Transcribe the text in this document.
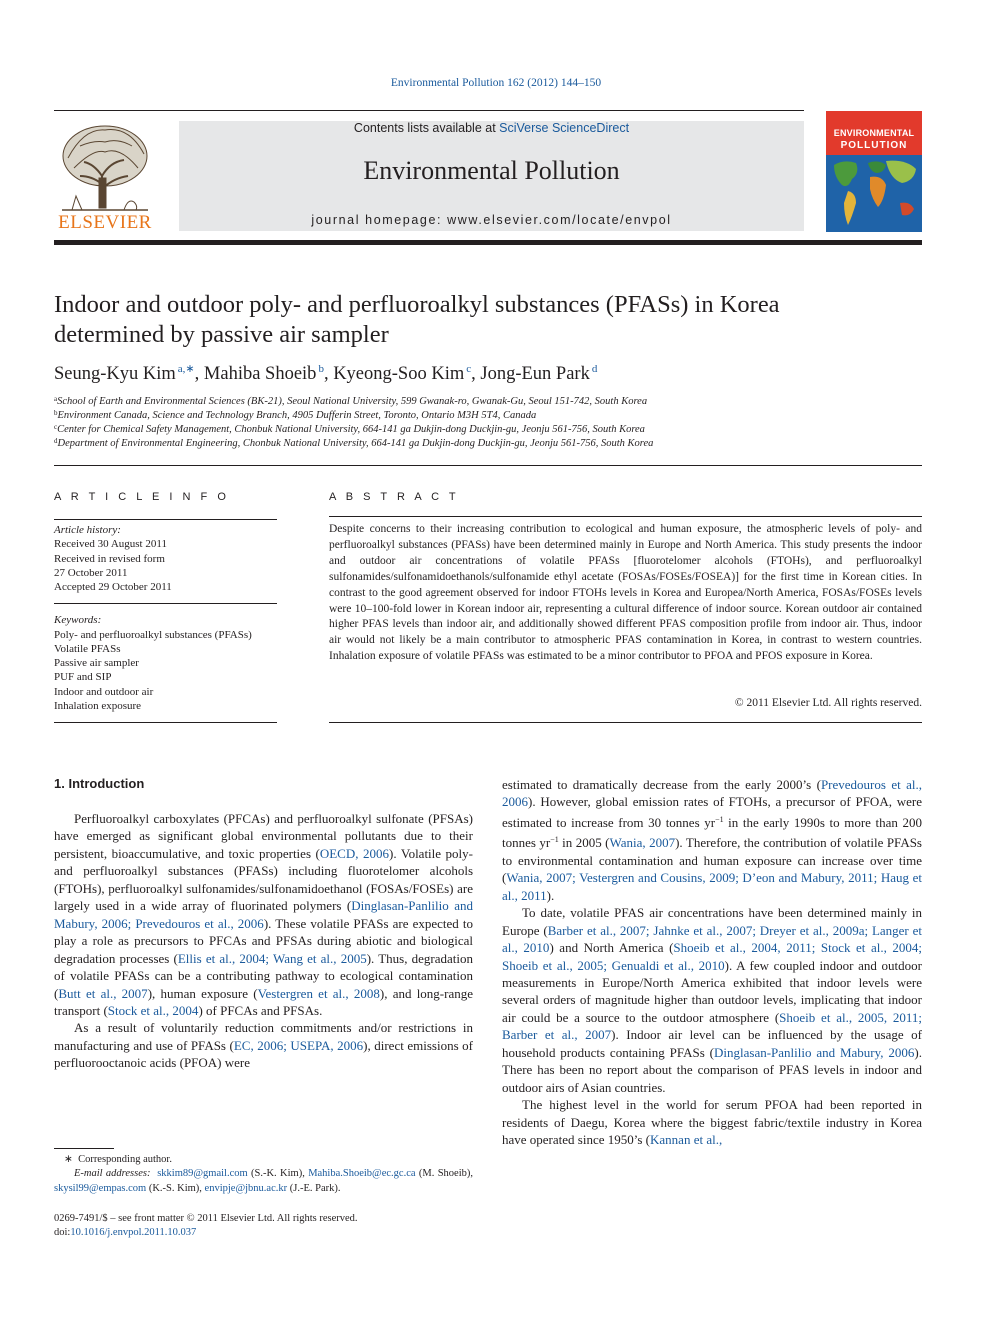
Environmental Pollution 162 (2012) 144–150
ELSEVIER
Contents lists available at SciVerse ScienceDirect
Environmental Pollution
journal homepage: www.elsevier.com/locate/envpol
ENVIRONMENTAL
POLLUTION
Indoor and outdoor poly- and perfluoroalkyl substances (PFASs) in Korea
determined by passive air sampler
Seung-Kyu Kim $^{a,∗}$, Mahiba Shoeib $^b$, Kyeong-Soo Kim $^c$, Jong-Eun Park $^d$
$^a$School of Earth and Environmental Sciences (BK-21), Seoul National University, 599 Gwanak-ro, Gwanak-Gu, Seoul 151-742, South Korea
$^b$Environment Canada, Science and Technology Branch, 4905 Dufferin Street, Toronto, Ontario M3H 5T4, Canada
$^c$Center for Chemical Safety Management, Chonbuk National University, 664-141 ga Dukjin-dong Duckjin-gu, Jeonju 561-756, South Korea
$^d$Department of Environmental Engineering, Chonbuk National University, 664-141 ga Dukjin-dong Duckjin-gu, Jeonju 561-756, South Korea
A R T I C L E I N F O
Article history:
Received 30 August 2011
Received in revised form
27 October 2011
Accepted 29 October 2011
Keywords:
Poly- and perfluoroalkyl substances (PFASs)
Volatile PFASs
Passive air sampler
PUF and SIP
Indoor and outdoor air
Inhalation exposure
A B S T R A C T
Despite concerns to their increasing contribution to ecological and human exposure, the atmospheric levels of poly- and perfluoroalkyl substances (PFASs) have been determined mainly in Europe and North America. This study presents the indoor and outdoor air concentrations of volatile PFASs [fluorotelomer alcohols (FTOHs), and perfluoroalkyl sulfonamides/sulfonamidoethanols/sulfonamide ethyl acetate (FOSAs/FOSEs/FOSEA)] for the first time in Korean cities. In contrast to the good agreement observed for indoor FTOHs levels in Korea and Europea/North America, FOSAs/FOSEs levels were 10–100-fold lower in Korean indoor air, representing a cultural difference of indoor source. Korean outdoor air contained higher PFAS levels than indoor air, and additionally showed different PFAS composition profile from indoor air. Thus, indoor air would not likely be a main contributor to atmospheric PFAS contamination in Korea, in contrast to western countries. Inhalation exposure of volatile PFASs was estimated to be a minor contributor to PFOA and PFOS exposure in Korea.
© 2011 Elsevier Ltd. All rights reserved.
1. Introduction

Perfluoroalkyl carboxylates (PFCAs) and perfluoroalkyl sulfonate (PFSAs) have emerged as significant global environmental pollutants due to their persistent, bioaccumulative, and toxic properties (OECD, 2006). Volatile poly- and perfluoroalkyl substances (PFASs) including fluorotelomer alcohols (FTOHs), perfluoroalkyl sulfonamides/sulfonamidoethanol (FOSAs/FOSEs) are largely used in a wide array of fluorinated polymers (Dinglasan-Panlilio and Mabury, 2006; Prevedouros et al., 2006). These volatile PFASs are expected to play a role as precursors to PFCAs and PFSAs during abiotic and biological degradation processes (Ellis et al., 2004; Wang et al., 2005). Thus, degradation of volatile PFASs can be a contributing pathway to ecological contamination (Butt et al., 2007), human exposure (Vestergren et al., 2008), and long-range transport (Stock et al., 2004) of PFCAs and PFSAs.

As a result of voluntarily reduction commitments and/or restrictions in manufacturing and use of PFASs (EC, 2006; USEPA, 2006), direct emissions of perfluorooctanoic acids (PFOA) were

estimated to dramatically decrease from the early 2000’s (Prevedouros et al., 2006). However, global emission rates of FTOHs, a precursor of PFOA, were estimated to increase from 30 tonnes $yr^{-1}$ in the early 1990s to more than 200 tonnes $yr^{-1}$ in 2005 (Wania, 2007). Therefore, the contribution of volatile PFASs to environmental contamination and human exposure can increase over time (Wania, 2007; Vestergren and Cousins, 2009; D’eon and Mabury, 2011; Haug et al., 2011).

To date, volatile PFAS air concentrations have been determined mainly in Europe (Barber et al., 2007; Jahnke et al., 2007; Dreyer et al., 2009a; Langer et al., 2010) and North America (Shoeib et al., 2004, 2011; Stock et al., 2004; Shoeib et al., 2005; Genualdi et al., 2010). A few coupled indoor and outdoor measurements in Europe/North America exhibited that indoor levels were several orders of magnitude higher than outdoor levels, implicating that indoor air could be a source to the outdoor atmosphere (Shoeib et al., 2005, 2011; Barber et al., 2007). Indoor air level can be influenced by the usage of household products containing PFASs (Dinglasan-Panlilio and Mabury, 2006). There has been no report about the comparison of PFAS levels in indoor and outdoor airs of Asian countries.

The highest level in the world for serum PFOA had been reported in residents of Daegu, Korea where the biggest fabric/textile industry in Korea have operated since 1950’s (Kannan et al.,

∗ Corresponding author.
E-mail addresses: skkim89@gmail.com (S.-K. Kim), Mahiba.Shoeib@ec.gc.ca (M. Shoeib), skysil99@empas.com (K.-S. Kim), envipje@jbnu.ac.kr (J.-E. Park).
0269-7491/$ – see front matter © 2011 Elsevier Ltd. All rights reserved.
doi:10.1016/j.envpol.2011.10.037
